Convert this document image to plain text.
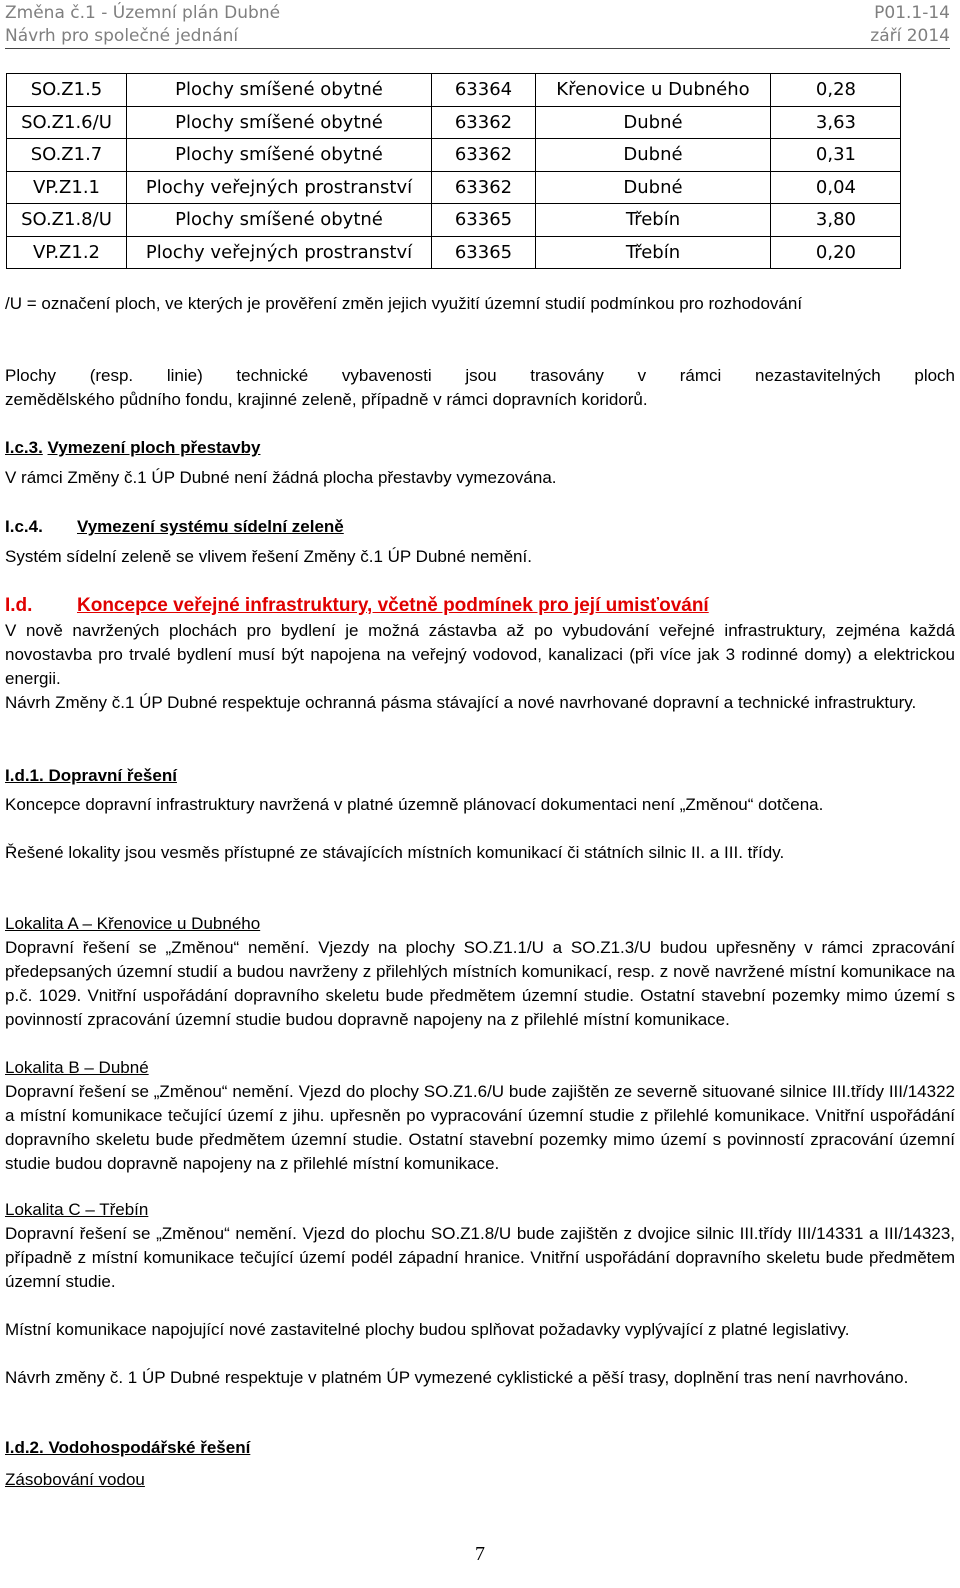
Změna č.1 - Územní plán Dubné
Návrh pro společné jednání
P01.1-14
září 2014
SO.Z1.5	Plochy smíšené obytné	63364	Křenovice u Dubného	0,28
SO.Z1.6/U	Plochy smíšené obytné	63362	Dubné	3,63
SO.Z1.7	Plochy smíšené obytné	63362	Dubné	0,31
VP.Z1.1	Plochy veřejných prostranství	63362	Dubné	0,04
SO.Z1.8/U	Plochy smíšené obytné	63365	Třebín	3,80
VP.Z1.2	Plochy veřejných prostranství	63365	Třebín	0,20
/U = označení ploch, ve kterých je prověření změn jejich využití územní studií podmínkou pro rozhodování
Plochy (resp. linie) technické vybavenosti jsou trasovány v rámci nezastavitelných ploch
zemědělského půdního fondu, krajinné zeleně, případně v rámci dopravních koridorů.
I.c.3. Vymezení ploch přestavby
V rámci Změny č.1 ÚP Dubné není žádná plocha přestavby vymezována.
I.c.4. Vymezení systému sídelní zeleně
Systém sídelní zeleně se vlivem řešení Změny č.1 ÚP Dubné nemění.
I.d. Koncepce veřejné infrastruktury, včetně podmínek pro její umisťování
V nově navržených plochách pro bydlení je možná zástavba až po vybudování veřejné infrastruktury, zejména každá novostavba pro trvalé bydlení musí být napojena na veřejný vodovod, kanalizaci (při více jak 3 rodinné domy) a elektrickou energii.
Návrh Změny č.1 ÚP Dubné respektuje ochranná pásma stávající a nové navrhované dopravní a technické infrastruktury.
I.d.1. Dopravní řešení
Koncepce dopravní infrastruktury navržená v platné územně plánovací dokumentaci není „Změnou“ dotčena.
Řešené lokality jsou vesměs přístupné ze stávajících místních komunikací či státních silnic II. a III. třídy.
Lokalita A – Křenovice u Dubného
Dopravní řešení se „Změnou“ nemění. Vjezdy na plochy SO.Z1.1/U a SO.Z1.3/U budou upřesněny v rámci zpracování předepsaných územní studií a budou navrženy z přilehlých místních komunikací, resp. z nově navržené místní komunikace na p.č. 1029. Vnitřní uspořádání dopravního skeletu bude předmětem územní studie. Ostatní stavební pozemky mimo území s povinností zpracování územní studie budou dopravně napojeny na z přilehlé místní komunikace.
Lokalita B – Dubné
Dopravní řešení se „Změnou“ nemění. Vjezd do plochy SO.Z1.6/U bude zajištěn ze severně situované silnice III.třídy III/14322 a místní komunikace tečující území z jihu. upřesněn po vypracování územní studie z přilehlé komunikace. Vnitřní uspořádání dopravního skeletu bude předmětem územní studie. Ostatní stavební pozemky mimo území s povinností zpracování územní studie budou dopravně napojeny na z přilehlé místní komunikace.
Lokalita C – Třebín
Dopravní řešení se „Změnou“ nemění. Vjezd do plochu SO.Z1.8/U bude zajištěn z dvojice silnic III.třídy III/14331 a III/14323, případně z místní komunikace tečující území podél západní hranice. Vnitřní uspořádání dopravního skeletu bude předmětem územní studie.
Místní komunikace napojující nové zastavitelné plochy budou splňovat požadavky vyplývající z platné legislativy.
Návrh změny č. 1 ÚP Dubné respektuje v platném ÚP vymezené cyklistické a pěší trasy, doplnění tras není navrhováno.
I.d.2. Vodohospodářské řešení
Zásobování vodou
7
